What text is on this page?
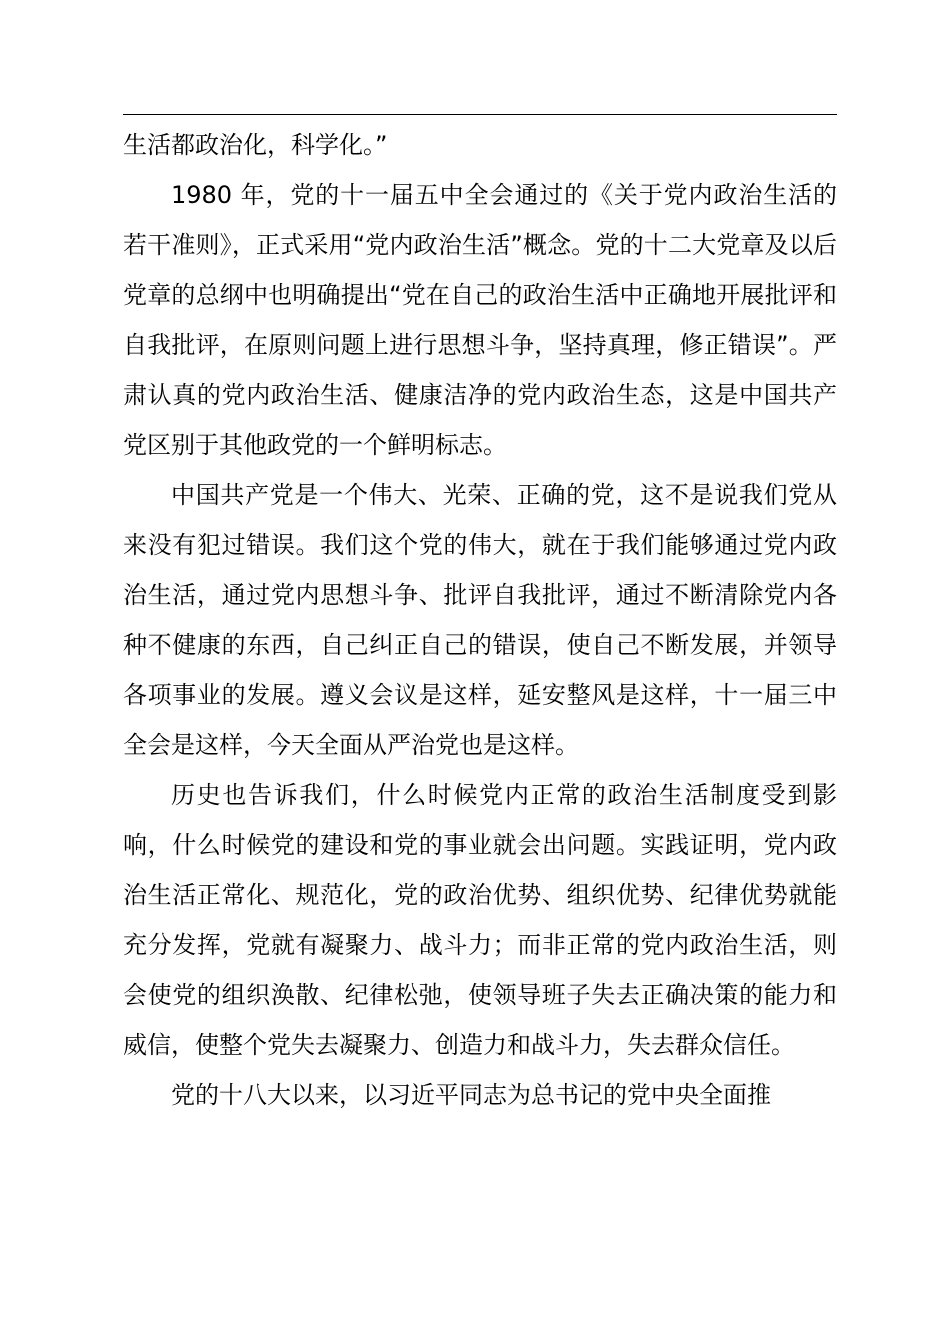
生活都政治化，科学化。”

1980 年，党的十一届五中全会通过的《关于党内政治生活的若干准则》，正式采用“党内政治生活”概念。党的十二大党章及以后党章的总纲中也明确提出“党在自己的政治生活中正确地开展批评和自我批评，在原则问题上进行思想斗争，坚持真理，修正错误”。严肃认真的党内政治生活、健康洁净的党内政治生态，这是中国共产党区别于其他政党的一个鲜明标志。

中国共产党是一个伟大、光荣、正确的党，这不是说我们党从来没有犯过错误。我们这个党的伟大，就在于我们能够通过党内政治生活，通过党内思想斗争、批评自我批评，通过不断清除党内各种不健康的东西，自己纠正自己的错误，使自己不断发展，并领导各项事业的发展。遵义会议是这样，延安整风是这样，十一届三中全会是这样，今天全面从严治党也是这样。

历史也告诉我们，什么时候党内正常的政治生活制度受到影响，什么时候党的建设和党的事业就会出问题。实践证明，党内政治生活正常化、规范化，党的政治优势、组织优势、纪律优势就能充分发挥，党就有凝聚力、战斗力；而非正常的党内政治生活，则会使党的组织涣散、纪律松弛，使领导班子失去正确决策的能力和威信，使整个党失去凝聚力、创造力和战斗力，失去群众信任。

党的十八大以来，以习近平同志为总书记的党中央全面推
